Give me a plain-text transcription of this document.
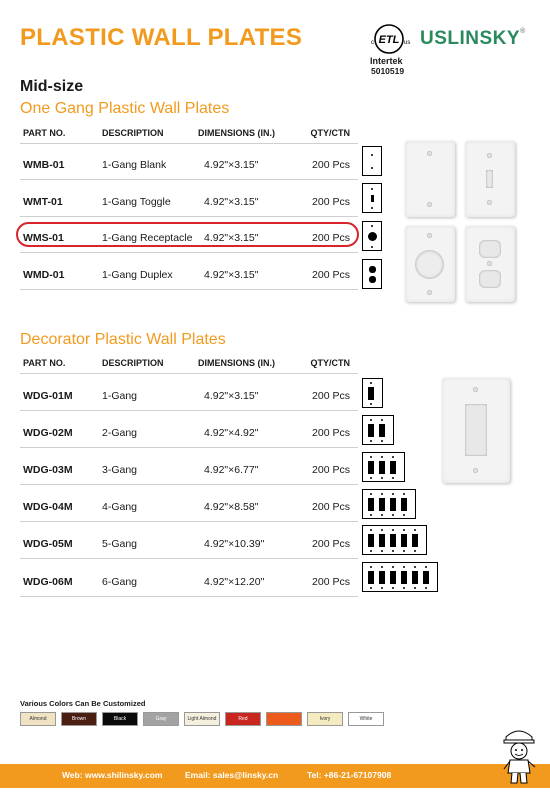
PLASTIC WALL PLATES	ETL
c	us
Intertek
5010519
USLINSKY®
Mid-size
One Gang Plastic Wall Plates
PART NO.	DESCRIPTION	DIMENSIONS (IN.)	QTY/CTN
WMB-01	1-Gang Blank	4.92"×3.15"	200 Pcs
WMT-01	1-Gang Toggle	4.92"×3.15"	200 Pcs
WMS-01	1-Gang Receptacle 4.92"×3.15"	200 Pcs
WMD-01	1-Gang Duplex	4.92"×3.15"	200 Pcs
Decorator Plastic Wall Plates
PART NO.	DESCRIPTION	DIMENSIONS (IN.)	QTY/CTN
WDG-01M	1-Gang	4.92"×3.15"	200 Pcs
WDG-02M	2-Gang	4.92"×4.92"	200 Pcs
WDG-03M	3-Gang	4.92"×6.77"	200 Pcs
WDG-04M	4-Gang	4.92"×8.58"	200 Pcs
WDG-05M	5-Gang	4.92"×10.39"	200 Pcs
WDG-06M	6-Gang	4.92"×12.20"	200 Pcs
Various Colors Can Be Customized
Almond	Brown	Black	Gray	Light Almond	Red	Ivory	White
Web: www.shilinsky.com	Email: sales@linsky.cn	Tel: +86-21-67107908
